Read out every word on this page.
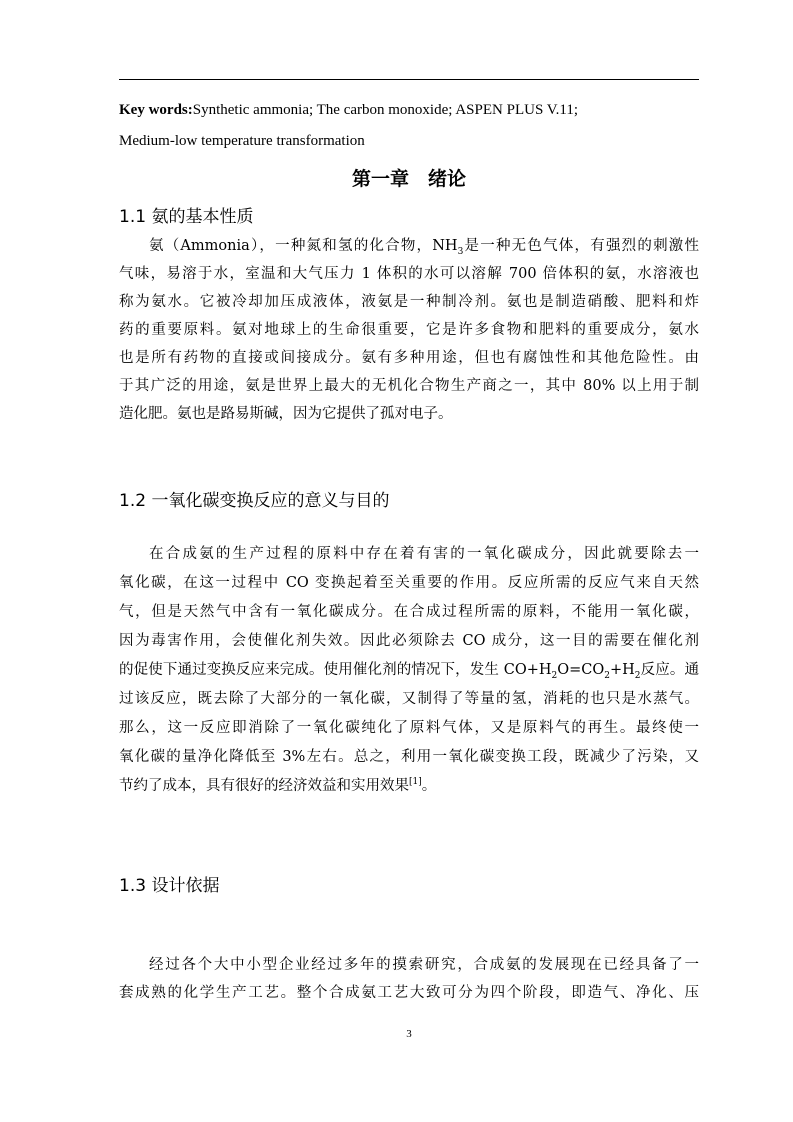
Key words:Synthetic ammonia; The carbon monoxide; ASPEN PLUS V.11;
Medium-low temperature transformation
第一章　绪论
1.1 氨的基本性质
氨（Ammonia），一种氮和氢的化合物，$NH_3$是一种无色气体，有强烈的刺激性
气味，易溶于水，室温和大气压力 1 体积的水可以溶解 700 倍体积的氨，水溶液也
称为氨水。它被冷却加压成液体，液氨是一种制冷剂。氨也是制造硝酸、肥料和炸
药的重要原料。氨对地球上的生命很重要，它是许多食物和肥料的重要成分，氨水
也是所有药物的直接或间接成分。氨有多种用途，但也有腐蚀性和其他危险性。由
于其广泛的用途，氨是世界上最大的无机化合物生产商之一，其中 80% 以上用于制
造化肥。氨也是路易斯碱，因为它提供了孤对电子。
1.2 一氧化碳变换反应的意义与目的
在合成氨的生产过程的原料中存在着有害的一氧化碳成分，因此就要除去一
氧化碳，在这一过程中 CO 变换起着至关重要的作用。反应所需的反应气来自天然
气，但是天然气中含有一氧化碳成分。在合成过程所需的原料，不能用一氧化碳，
因为毒害作用，会使催化剂失效。因此必须除去 CO 成分，这一目的需要在催化剂
的促使下通过变换反应来完成。使用催化剂的情况下，发生 $CO+H_2O=CO_2+H_2$反应。通
过该反应，既去除了大部分的一氧化碳，又制得了等量的氢，消耗的也只是水蒸气。
那么，这一反应即消除了一氧化碳纯化了原料气体，又是原料气的再生。最终使一
氧化碳的量净化降低至 3%左右。总之，利用一氧化碳变换工段，既减少了污染，又
节约了成本，具有很好的经济效益和实用效果[1]。
1.3 设计依据
经过各个大中小型企业经过多年的摸索研究，合成氨的发展现在已经具备了一
套成熟的化学生产工艺。整个合成氨工艺大致可分为四个阶段，即造气、净化、压
3
